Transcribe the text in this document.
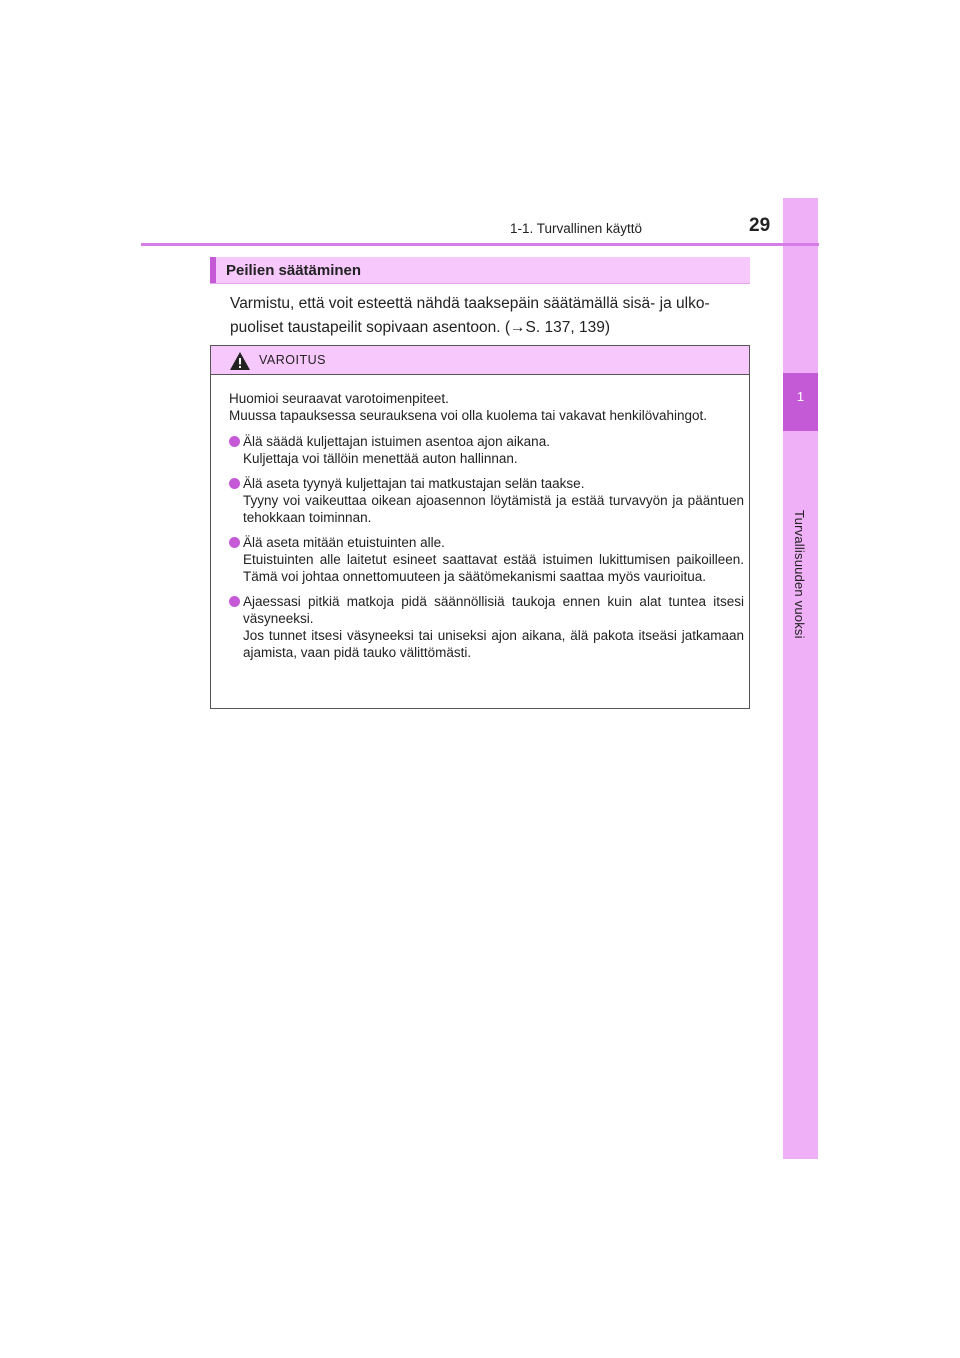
1
Turvallisuuden vuoksi
1-1. Turvallinen käyttö	29
Peilien säätäminen
Varmistu, että voit esteettä nähdä taaksepäin säätämällä sisä- ja ulko-puoliset taustapeilit sopivaan asentoon. (→S. 137, 139)
VAROITUS

Huomioi seuraavat varotoimenpiteet.
Muussa tapauksessa seurauksena voi olla kuolema tai vakavat henkilövahingot.

Älä säädä kuljettajan istuimen asentoa ajon aikana.
Kuljettaja voi tällöin menettää auton hallinnan.
Älä aseta tyynyä kuljettajan tai matkustajan selän taakse.
Tyyny voi vaikeuttaa oikean ajoasennon löytämistä ja estää turvavyön ja pääntuen tehokkaan toiminnan.
Älä aseta mitään etuistuinten alle.
Etuistuinten alle laitetut esineet saattavat estää istuimen lukittumisen paikoilleen. Tämä voi johtaa onnettomuuteen ja säätömekanismi saattaa myös vaurioitua.
Ajaessasi pitkiä matkoja pidä säännöllisiä taukoja ennen kuin alat tuntea itsesi väsyneeksi.
Jos tunnet itsesi väsyneeksi tai uniseksi ajon aikana, älä pakota itseäsi jatkamaan ajamista, vaan pidä tauko välittömästi.
